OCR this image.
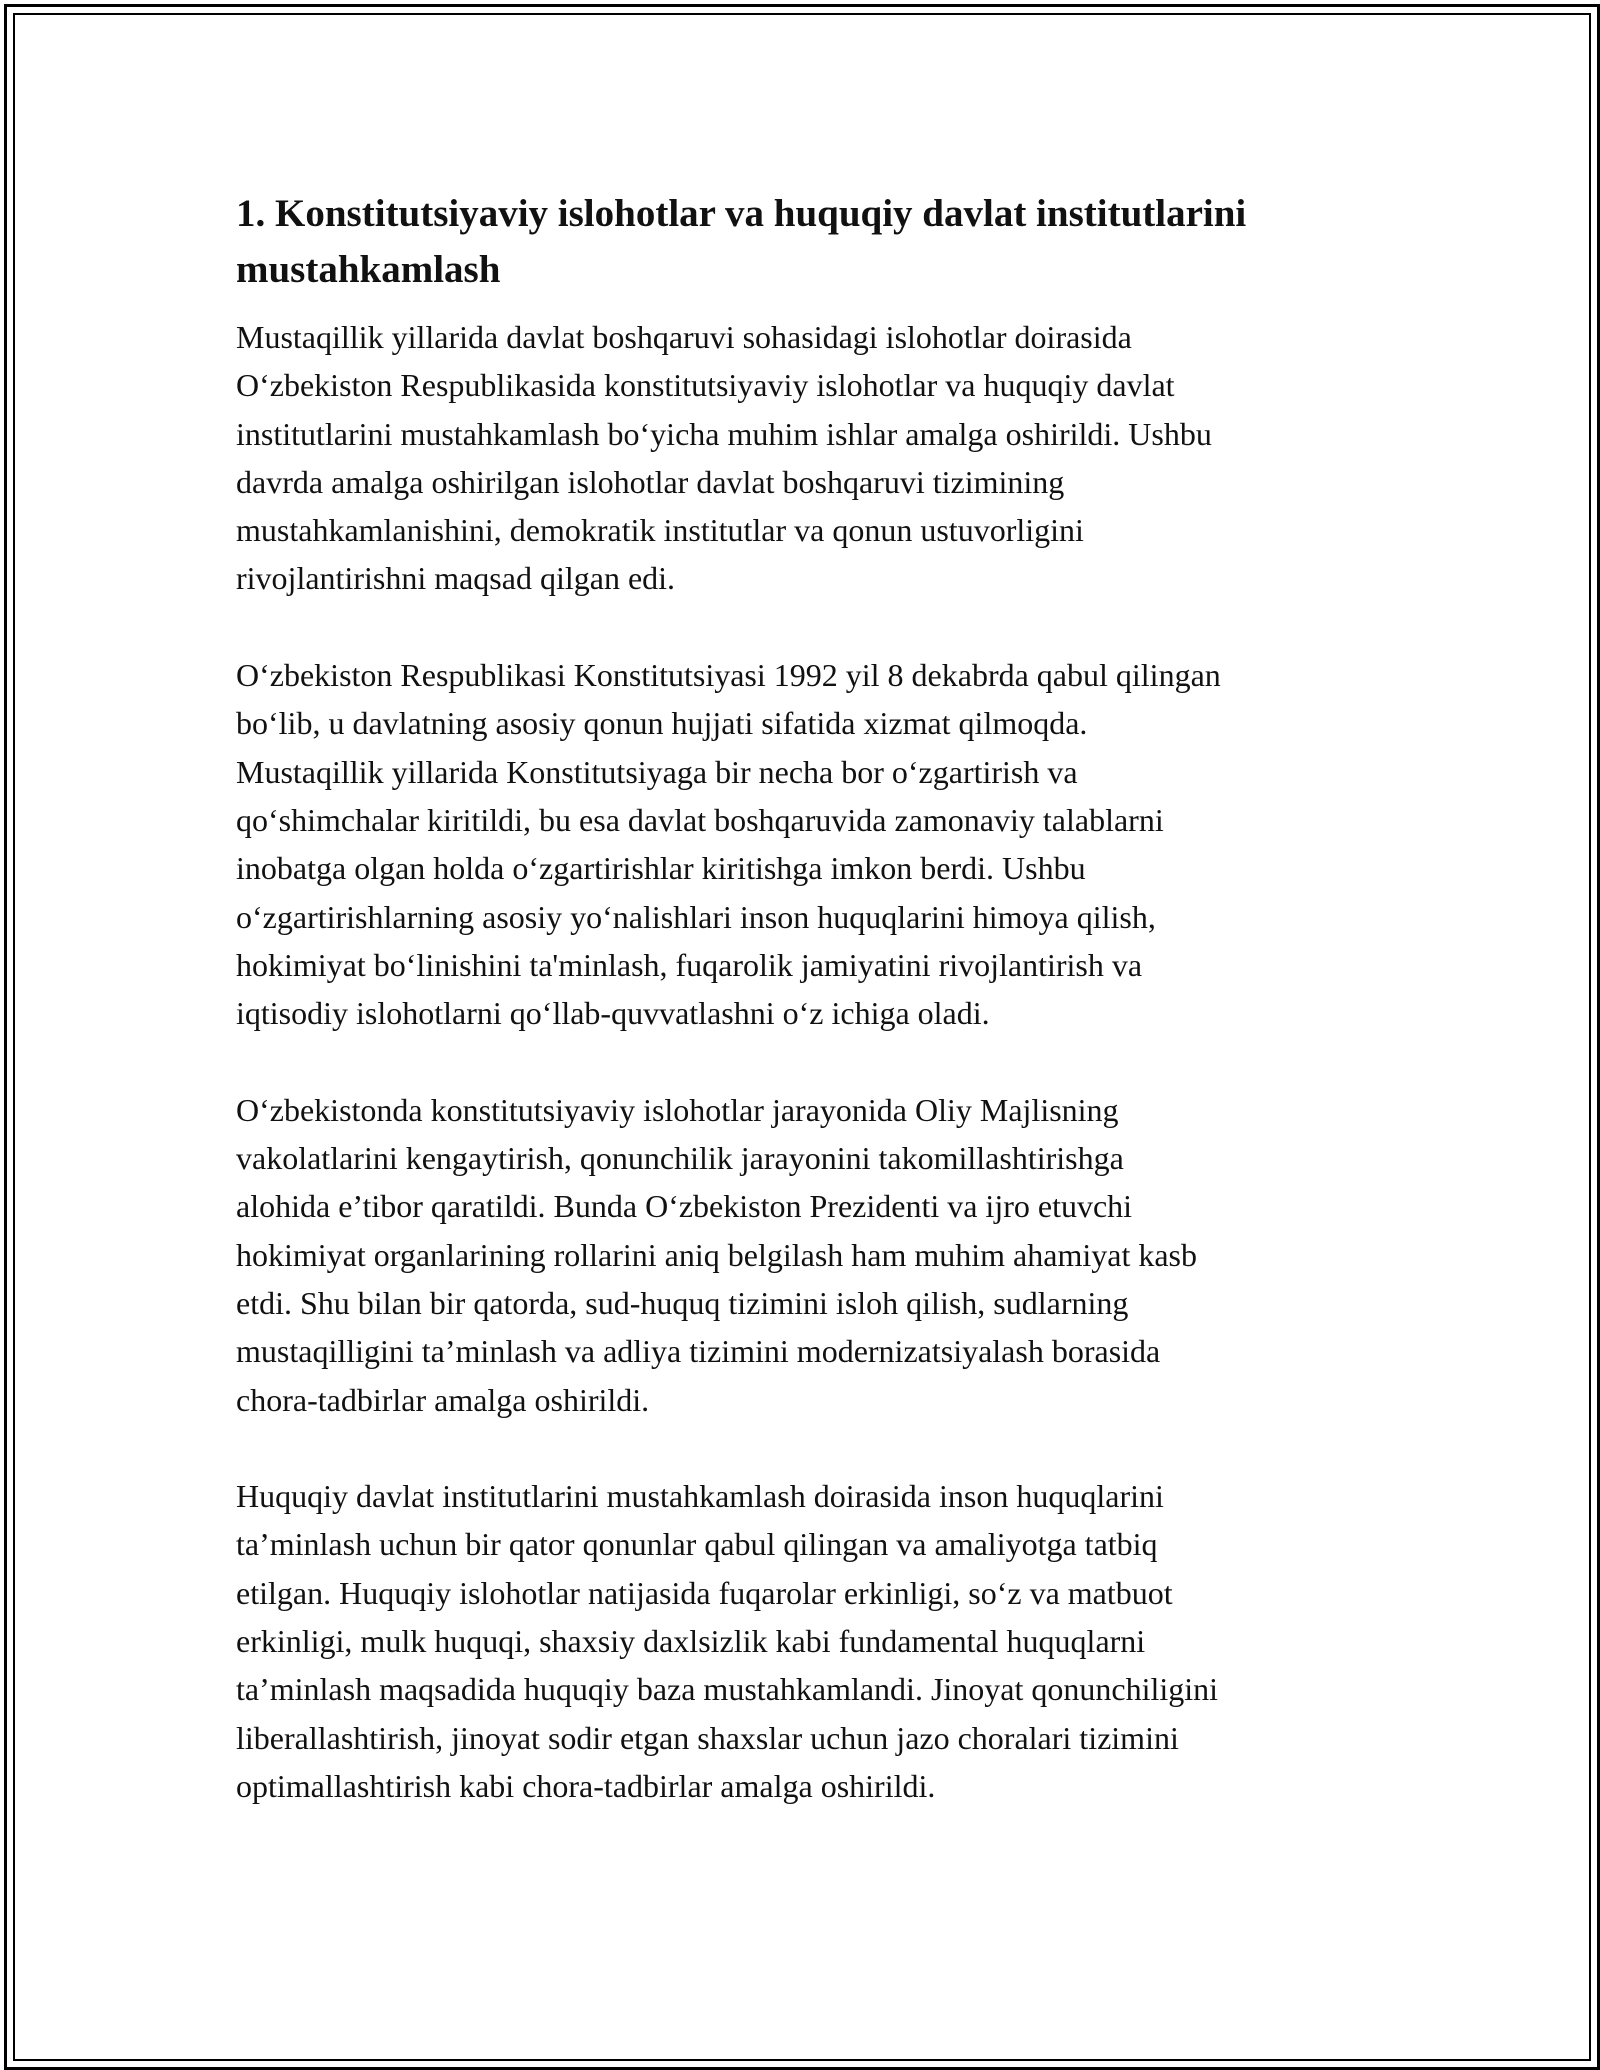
1. Konstitutsiyaviy islohotlar va huquqiy davlat institutlarini
mustahkamlash

Mustaqillik yillarida davlat boshqaruvi sohasidagi islohotlar doirasida
O‘zbekiston Respublikasida konstitutsiyaviy islohotlar va huquqiy davlat
institutlarini mustahkamlash bo‘yicha muhim ishlar amalga oshirildi. Ushbu
davrda amalga oshirilgan islohotlar davlat boshqaruvi tizimining
mustahkamlanishini, demokratik institutlar va qonun ustuvorligini
rivojlantirishni maqsad qilgan edi.

O‘zbekiston Respublikasi Konstitutsiyasi 1992 yil 8 dekabrda qabul qilingan
bo‘lib, u davlatning asosiy qonun hujjati sifatida xizmat qilmoqda.
Mustaqillik yillarida Konstitutsiyaga bir necha bor o‘zgartirish va
qo‘shimchalar kiritildi, bu esa davlat boshqaruvida zamonaviy talablarni
inobatga olgan holda o‘zgartirishlar kiritishga imkon berdi. Ushbu
o‘zgartirishlarning asosiy yo‘nalishlari inson huquqlarini himoya qilish,
hokimiyat bo‘linishini ta'minlash, fuqarolik jamiyatini rivojlantirish va
iqtisodiy islohotlarni qo‘llab-quvvatlashni o‘z ichiga oladi.

O‘zbekistonda konstitutsiyaviy islohotlar jarayonida Oliy Majlisning
vakolatlarini kengaytirish, qonunchilik jarayonini takomillashtirishga
alohida e’tibor qaratildi. Bunda O‘zbekiston Prezidenti va ijro etuvchi
hokimiyat organlarining rollarini aniq belgilash ham muhim ahamiyat kasb
etdi. Shu bilan bir qatorda, sud-huquq tizimini isloh qilish, sudlarning
mustaqilligini ta’minlash va adliya tizimini modernizatsiyalash borasida
chora-tadbirlar amalga oshirildi.

Huquqiy davlat institutlarini mustahkamlash doirasida inson huquqlarini
ta’minlash uchun bir qator qonunlar qabul qilingan va amaliyotga tatbiq
etilgan. Huquqiy islohotlar natijasida fuqarolar erkinligi, so‘z va matbuot
erkinligi, mulk huquqi, shaxsiy daxlsizlik kabi fundamental huquqlarni
ta’minlash maqsadida huquqiy baza mustahkamlandi. Jinoyat qonunchiligini
liberallashtirish, jinoyat sodir etgan shaxslar uchun jazo choralari tizimini
optimallashtirish kabi chora-tadbirlar amalga oshirildi.
